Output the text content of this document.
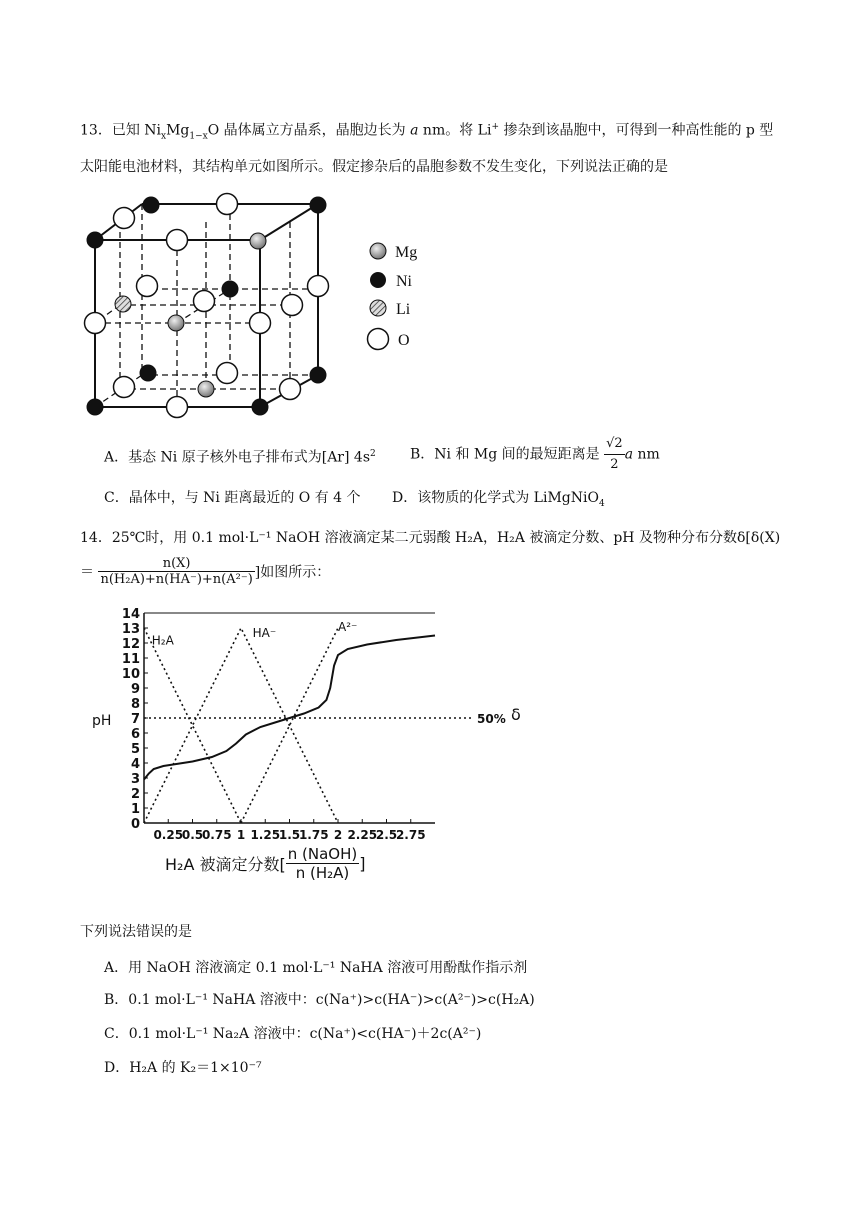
13．已知 $Ni_xMg_{1-x}O$ 晶体属立方晶系，晶胞边长为 a nm。将 Li+ 掺杂到该晶胞中，可得到一种高性能的 p 型
太阳能电池材料，其结构单元如图所示。假定掺杂后的晶胞参数不发生变化，下列说法正确的是
Mg
Ni
Li
O
A．基态 Ni 原子核外电子排布式为[Ar] $4s^2$ B．Ni 和 Mg 间的最短距离是 $\frac{√2}{2}$ a nm
C．晶体中，与 Ni 距离最近的 O 有 4 个 D．该物质的化学式为 LiMgNiO$_4$
14．25℃时，用 0.1 mol·L⁻¹ NaOH 溶液滴定某二元弱酸 H₂A，H₂A 被滴定分数、pH 及物种分布分数δ[δ(X)
＝ $\frac{n(X)}{\text{n(H₂A)+n(HA⁻)+n(A²⁻)}}$ ]如图所示：
0
1
2
3
4
5
6
7
8
9
10
11
12
13
14
0.25
0.5
0.75 1 1.25
1.5
1.75 2 2.25
2.5
2.75
50% δ
pH
H₂A
HA⁻	A²⁻
H₂A 被滴定分数[ $\frac{\text{n (NaOH)}}{\text{n (H₂A)}}$ ]
下列说法错误的是
A．用 NaOH 溶液滴定 0.1 mol·L⁻¹ NaHA 溶液可用酚酞作指示剂
B．0.1 mol·L⁻¹ NaHA 溶液中：c(Na⁺)>c(HA⁻)>c(A²⁻)>c(H₂A)
C．0.1 mol·L⁻¹ Na₂A 溶液中：c(Na⁺)<c(HA⁻)＋2c(A²⁻)
D．H₂A 的 K₂＝1×10⁻⁷
